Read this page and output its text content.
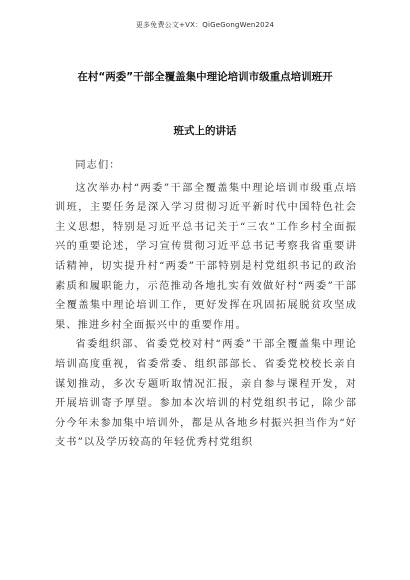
更多免费公文+VX：QiGeGongWen2024
在村“两委”干部全覆盖集中理论培训市级重点培训班开
班式上的讲话

同志们：

这次举办村“两委”干部全覆盖集中理论培训市级重点培训班，主要任务是深入学习贯彻习近平新时代中国特色社会主义思想，特别是习近平总书记关于“三农”工作乡村全面振兴的重要论述，学习宣传贯彻习近平总书记考察我省重要讲话精神，切实提升村“两委”干部特别是村党组织书记的政治素质和履职能力，示范推动各地扎实有效做好村“两委”干部全覆盖集中理论培训工作，更好发挥在巩固拓展脱贫攻坚成果、推进乡村全面振兴中的重要作用。

省委组织部、省委党校对村“两委”干部全覆盖集中理论培训高度重视，省委常委、组织部部长、省委党校校长亲自谋划推动，多次专题听取情况汇报，亲自参与课程开发，对开展培训寄予厚望。参加本次培训的村党组织书记，除少部分今年未参加集中培训外，都是从各地乡村振兴担当作为“好支书”以及学历较高的年轻优秀村党组织
